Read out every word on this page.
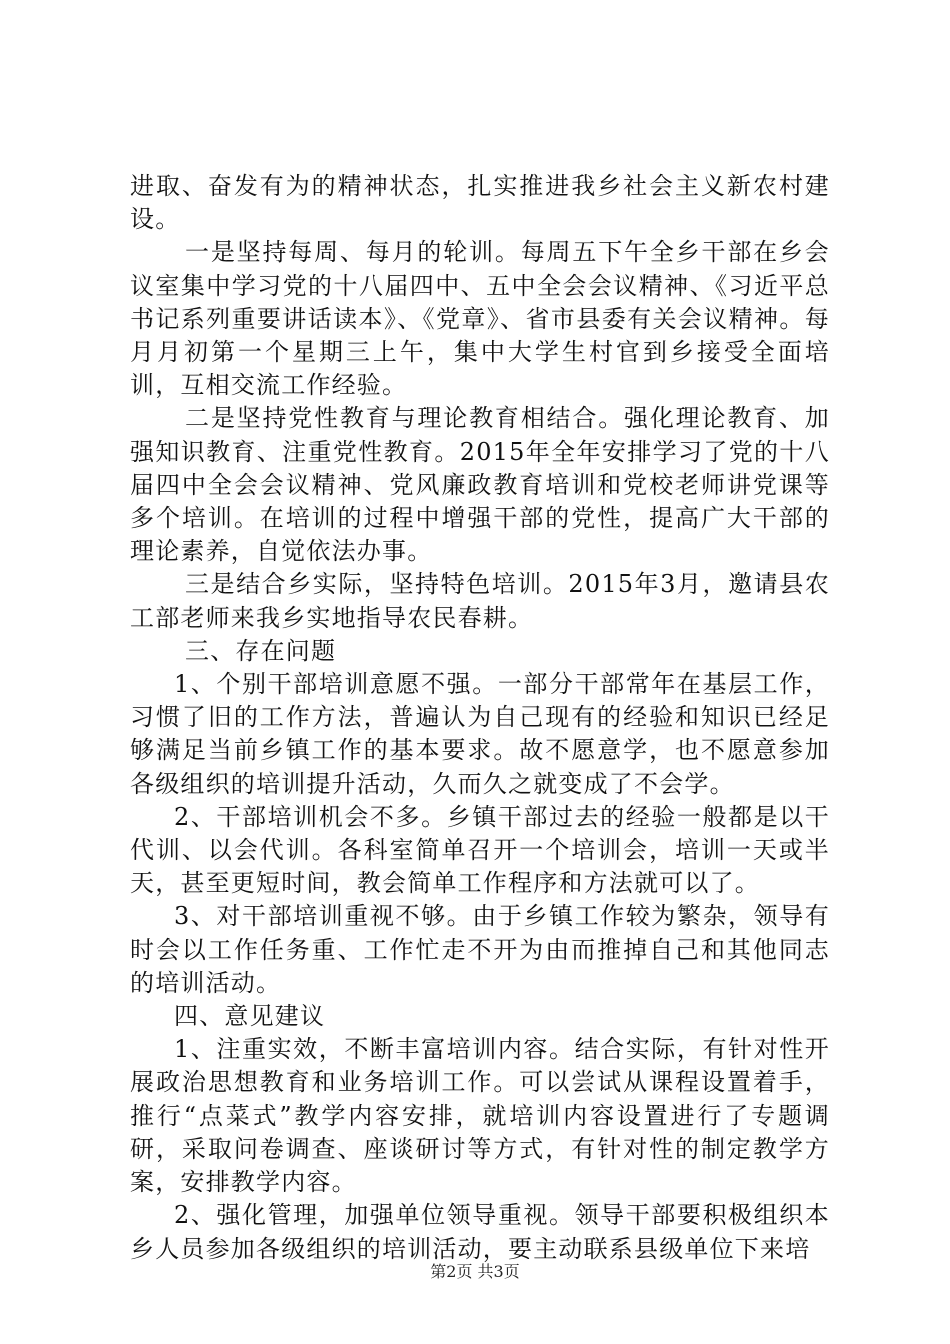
进取、奋发有为的精神状态，扎实推进我乡社会主义新农村建设。

一是坚持每周、每月的轮训。每周五下午全乡干部在乡会议室集中学习党的十八届四中、五中全会会议精神、《习近平总书记系列重要讲话读本》、《党章》、省市县委有关会议精神。每月月初第一个星期三上午，集中大学生村官到乡接受全面培训，互相交流工作经验。

二是坚持党性教育与理论教育相结合。强化理论教育、加强知识教育、注重党性教育。2015年全年安排学习了党的十八届四中全会会议精神、党风廉政教育培训和党校老师讲党课等多个培训。在培训的过程中增强干部的党性，提高广大干部的理论素养，自觉依法办事。

三是结合乡实际，坚持特色培训。2015年3月，邀请县农工部老师来我乡实地指导农民春耕。

三、存在问题

1、个别干部培训意愿不强。一部分干部常年在基层工作，习惯了旧的工作方法，普遍认为自己现有的经验和知识已经足够满足当前乡镇工作的基本要求。故不愿意学，也不愿意参加各级组织的培训提升活动，久而久之就变成了不会学。

2、干部培训机会不多。乡镇干部过去的经验一般都是以干代训、以会代训。各科室简单召开一个培训会，培训一天或半天，甚至更短时间，教会简单工作程序和方法就可以了。

3、对干部培训重视不够。由于乡镇工作较为繁杂，领导有时会以工作任务重、工作忙走不开为由而推掉自己和其他同志的培训活动。

四、意见建议

1、注重实效，不断丰富培训内容。结合实际，有针对性开展政治思想教育和业务培训工作。可以尝试从课程设置着手，推行“点菜式”教学内容安排，就培训内容设置进行了专题调研，采取问卷调查、座谈研讨等方式，有针对性的制定教学方案，安排教学内容。

2、强化管理，加强单位领导重视。领导干部要积极组织本乡人员参加各级组织的培训活动，要主动联系县级单位下来培

第2页 共3页
